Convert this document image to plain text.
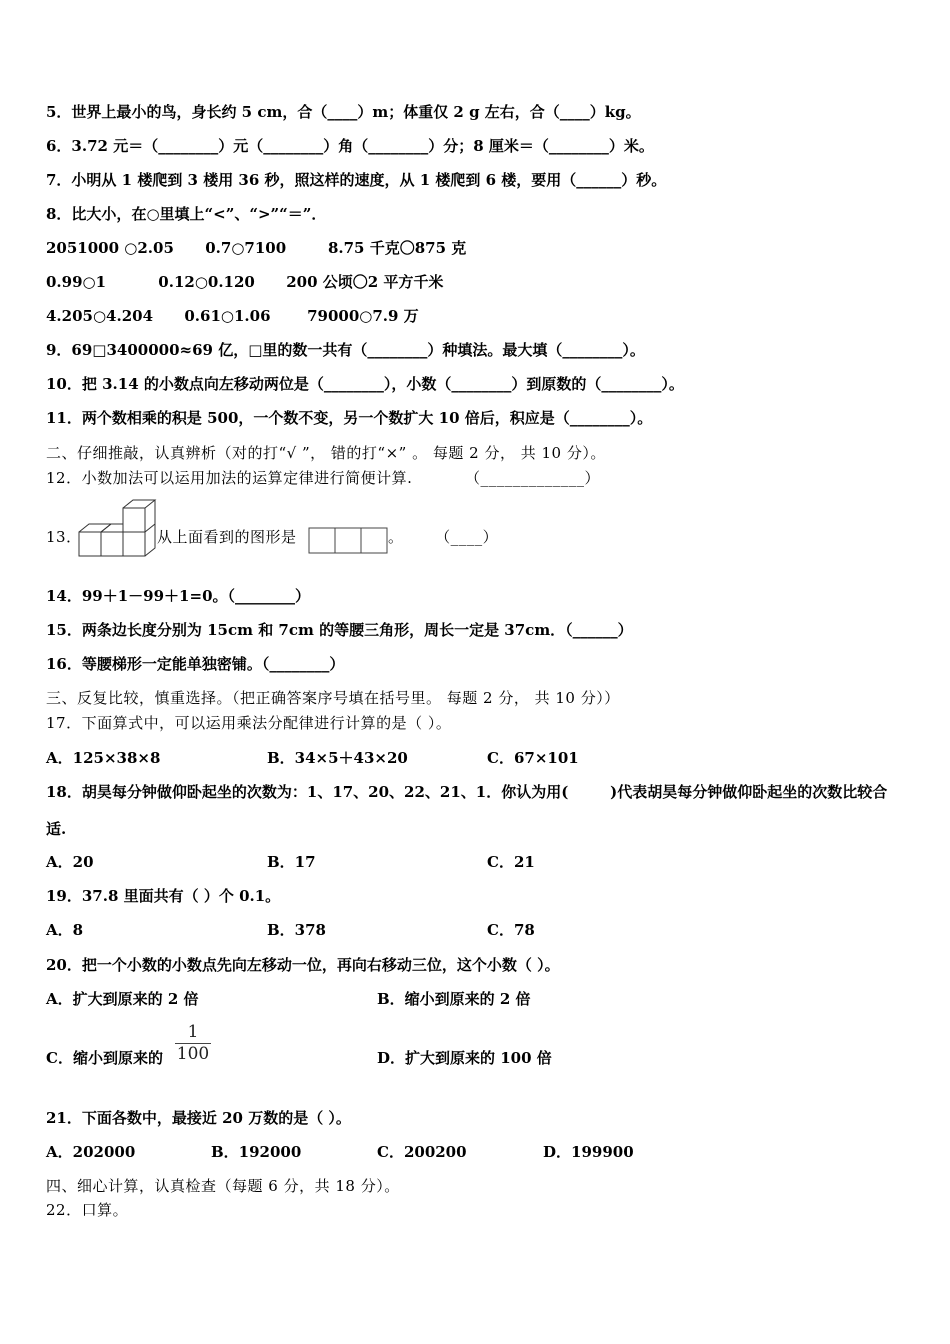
5．世界上最小的鸟，身长约 5 cm，合（____）m；体重仅 2 g 左右，合（____）kg。
6．3.72 元＝（________）元（________）角（________）分；8 厘米＝（________）米。
7．小明从 1 楼爬到 3 楼用 36 秒，照这样的速度，从 1 楼爬到 6 楼，要用（______）秒。
8．比大小，在○里填上“<”、“>”“＝”．
2051000 ○2.05      0.7○7100        8.75 千克〇875 克
0.99○1          0.12○0.120      200 公顷〇2 平方千米
4.205○4.204      0.61○1.06       79000○7.9 万
9．69□3400000≈69 亿，□里的数一共有（________）种填法。最大填（________）。
10．把 3.14 的小数点向左移动两位是（________），小数（________）到原数的（________）。
11．两个数相乘的积是 500，一个数不变，另一个数扩大 10 倍后，积应是（________）。
二、仔细推敲，认真辨析（对的打“√ ”， 错的打“×” 。 每题 2 分， 共 10 分）。
12．小数加法可以运用加法的运算定律进行简便计算.          （_____________）
13．	从上面看到的图形是	。      （____）
14．99＋1－99＋1=0。（________）
15．两条边长度分别为 15cm 和 7cm 的等腰三角形，周长一定是 37cm．（______）
16．等腰梯形一定能单独密铺。（________）
三、反复比较，慎重选择。（把正确答案序号填在括号里。 每题 2 分， 共 10 分））
17．下面算式中，可以运用乘法分配律进行计算的是（ ）。
A．125×38×8	B．34×5＋43×20	C．67×101
18．胡昊每分钟做仰卧起坐的次数为：1、17、20、22、21、1．你认为用(        )代表胡昊每分钟做仰卧起坐的次数比较合
适.
A．20	B．17	C．21
19．37.8 里面共有（ ）个 0.1。
A．8	B．378	C．78
20．把一个小数的小数点先向左移动一位，再向右移动三位，这个小数（ ）。
A．扩大到原来的 2 倍	B．缩小到原来的 2 倍
C．缩小到原来的 $\frac{1}{100}$	D．扩大到原来的 100 倍
21．下面各数中，最接近 20 万数的是（ ）。
A．202000	B．192000	C．200200	D．199900
四、细心计算，认真检查（每题 6 分，共 18 分）。
22．口算。
